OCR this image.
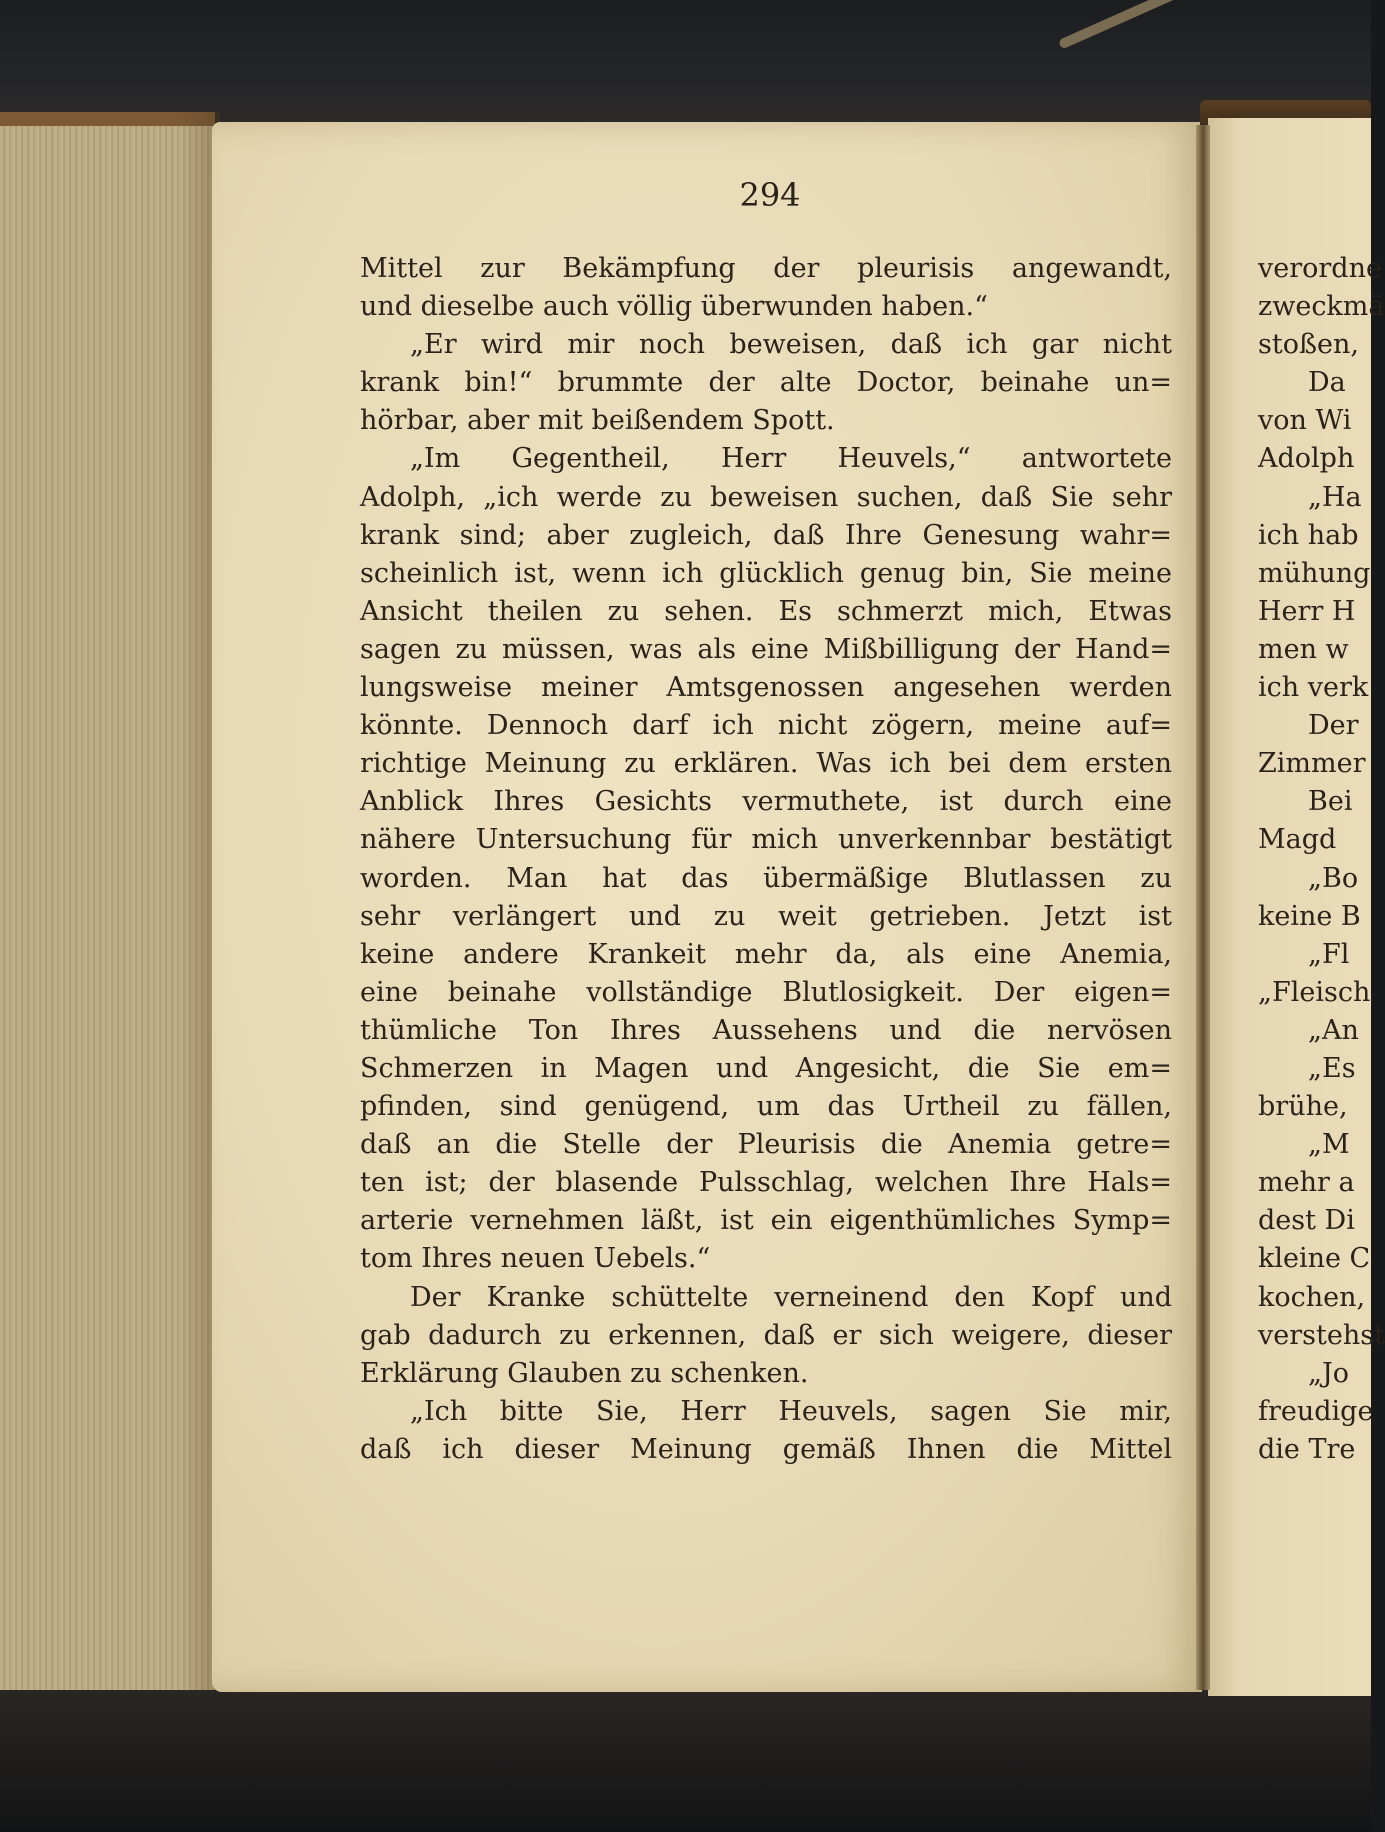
294
Mittel zur Bekämpfung der pleurisis angewandt,
und dieselbe auch völlig überwunden haben.“
„Er wird mir noch beweisen, daß ich gar nicht
krank bin!“ brummte der alte Doctor, beinahe un=
hörbar, aber mit beißendem Spott.
„Im Gegentheil, Herr Heuvels,“ antwortete
Adolph, „ich werde zu beweisen suchen, daß Sie sehr
krank sind; aber zugleich, daß Ihre Genesung wahr=
scheinlich ist, wenn ich glücklich genug bin, Sie meine
Ansicht theilen zu sehen. Es schmerzt mich, Etwas
sagen zu müssen, was als eine Mißbilligung der Hand=
lungsweise meiner Amtsgenossen angesehen werden
könnte. Dennoch darf ich nicht zögern, meine auf=
richtige Meinung zu erklären. Was ich bei dem ersten
Anblick Ihres Gesichts vermuthete, ist durch eine
nähere Untersuchung für mich unverkennbar bestätigt
worden. Man hat das übermäßige Blutlassen zu
sehr verlängert und zu weit getrieben. Jetzt ist
keine andere Krankeit mehr da, als eine Anemia,
eine beinahe vollständige Blutlosigkeit. Der eigen=
thümliche Ton Ihres Aussehens und die nervösen
Schmerzen in Magen und Angesicht, die Sie em=
pfinden, sind genügend, um das Urtheil zu fällen,
daß an die Stelle der Pleurisis die Anemia getre=
ten ist; der blasende Pulsschlag, welchen Ihre Hals=
arterie vernehmen läßt, ist ein eigenthümliches Symp=
tom Ihres neuen Uebels.“
Der Kranke schüttelte verneinend den Kopf und
gab dadurch zu erkennen, daß er sich weigere, dieser
Erklärung Glauben zu schenken.
„Ich bitte Sie, Herr Heuvels, sagen Sie mir,
daß ich dieser Meinung gemäß Ihnen die Mittel
verordne
zweckmä
stoßen,
Da
von Wi
Adolph
„Ha
ich hab
mühung
Herr H
men w
ich verk
Der
Zimmer
Bei
Magd
„Bo
keine B
„Fl
„Fleisch
„An
„Es
brühe,
„M
mehr a
dest Di
kleine C
kochen,
verstehst
„Jo
freudige
die Tre
